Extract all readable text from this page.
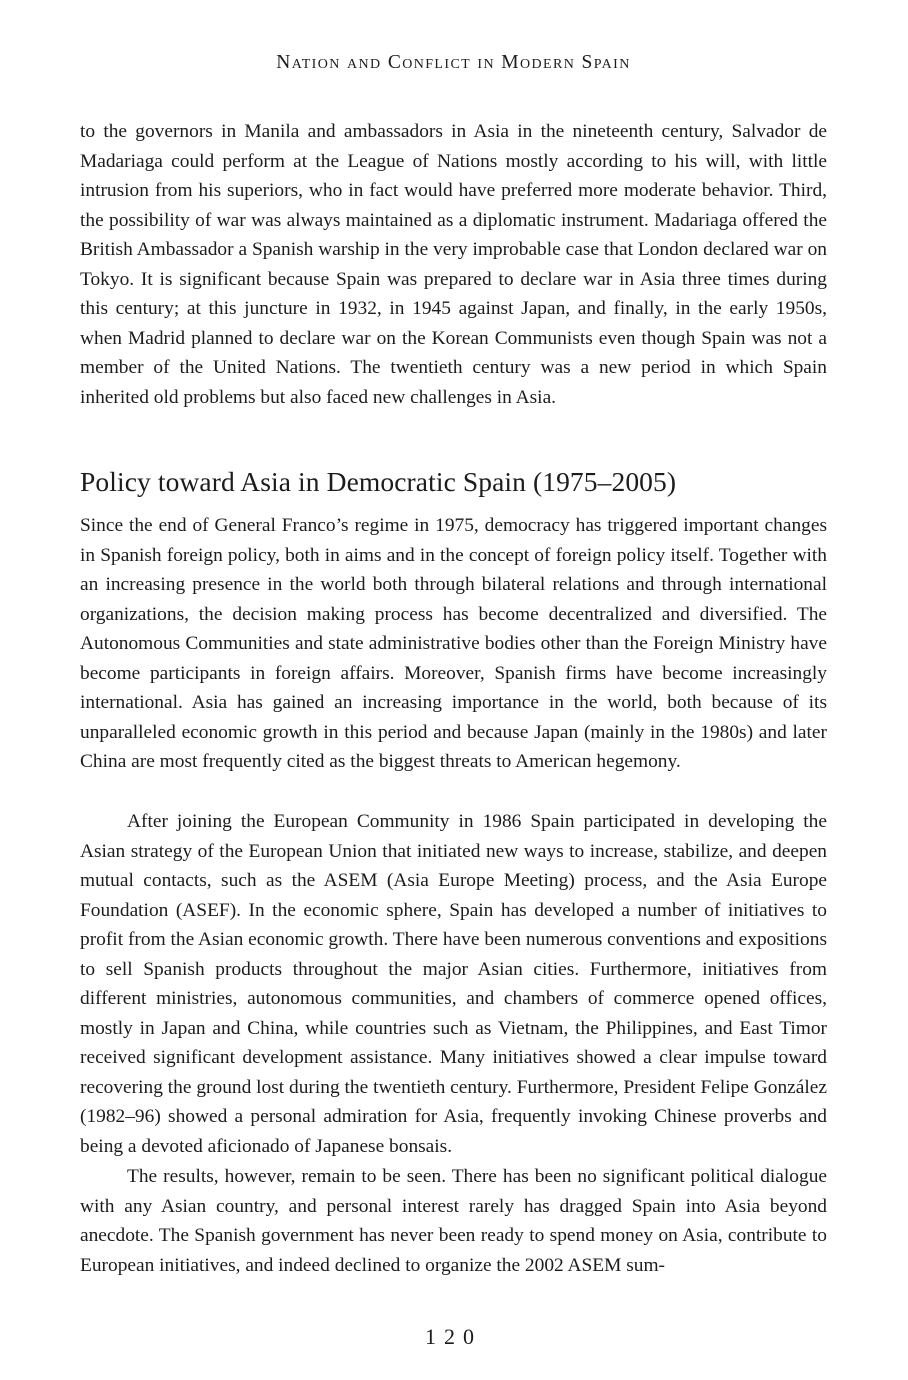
Nation and Conflict in Modern Spain

to the governors in Manila and ambassadors in Asia in the nineteenth century, Salvador de Madariaga could perform at the League of Nations mostly according to his will, with little intrusion from his superiors, who in fact would have preferred more moderate behavior. Third, the possibility of war was always maintained as a diplomatic instrument. Madariaga offered the British Ambassador a Spanish warship in the very improbable case that London declared war on Tokyo. It is significant because Spain was prepared to declare war in Asia three times during this century; at this juncture in 1932, in 1945 against Japan, and finally, in the early 1950s, when Madrid planned to declare war on the Korean Communists even though Spain was not a member of the United Nations. The twentieth century was a new period in which Spain inherited old problems but also faced new challenges in Asia.

Policy toward Asia in Democratic Spain (1975–2005)

Since the end of General Franco’s regime in 1975, democracy has triggered important changes in Spanish foreign policy, both in aims and in the concept of foreign policy itself. Together with an increasing presence in the world both through bilateral relations and through international organizations, the decision making process has become decentralized and diversified. The Autonomous Communities and state administrative bodies other than the Foreign Ministry have become participants in foreign affairs. Moreover, Spanish firms have become increasingly international. Asia has gained an increasing importance in the world, both because of its unparalleled economic growth in this period and because Japan (mainly in the 1980s) and later China are most frequently cited as the biggest threats to American hegemony.

After joining the European Community in 1986 Spain participated in developing the Asian strategy of the European Union that initiated new ways to increase, stabilize, and deepen mutual contacts, such as the ASEM (Asia Europe Meeting) process, and the Asia Europe Foundation (ASEF). In the economic sphere, Spain has developed a number of initiatives to profit from the Asian economic growth. There have been numerous conventions and expositions to sell Spanish products throughout the major Asian cities. Furthermore, initiatives from different ministries, autonomous communities, and chambers of commerce opened offices, mostly in Japan and China, while countries such as Vietnam, the Philippines, and East Timor received significant development assistance. Many initiatives showed a clear impulse toward recovering the ground lost during the twentieth century. Furthermore, President Felipe González (1982–96) showed a personal admiration for Asia, frequently invoking Chinese proverbs and being a devoted aficionado of Japanese bonsais.

The results, however, remain to be seen. There has been no significant political dialogue with any Asian country, and personal interest rarely has dragged Spain into Asia beyond anecdote. The Spanish government has never been ready to spend money on Asia, contribute to European initiatives, and indeed declined to organize the 2002 ASEM sum-

120
